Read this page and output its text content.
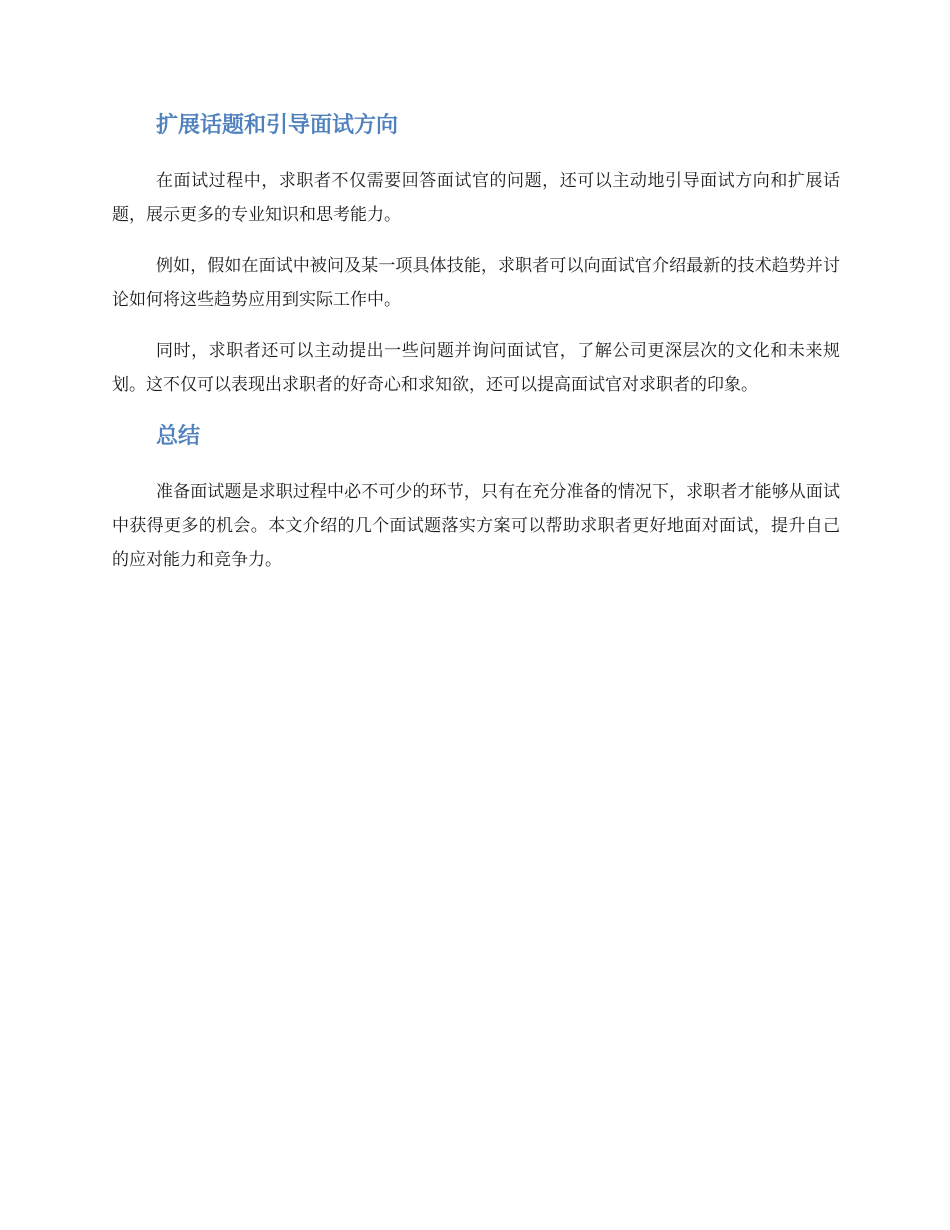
扩展话题和引导面试方向

在面试过程中，求职者不仅需要回答面试官的问题，还可以主动地引导面试方向和扩展话题，展示更多的专业知识和思考能力。

例如，假如在面试中被问及某一项具体技能，求职者可以向面试官介绍最新的技术趋势并讨论如何将这些趋势应用到实际工作中。

同时，求职者还可以主动提出一些问题并询问面试官，了解公司更深层次的文化和未来规划。这不仅可以表现出求职者的好奇心和求知欲，还可以提高面试官对求职者的印象。

总结

准备面试题是求职过程中必不可少的环节，只有在充分准备的情况下，求职者才能够从面试中获得更多的机会。本文介绍的几个面试题落实方案可以帮助求职者更好地面对面试，提升自己的应对能力和竞争力。
